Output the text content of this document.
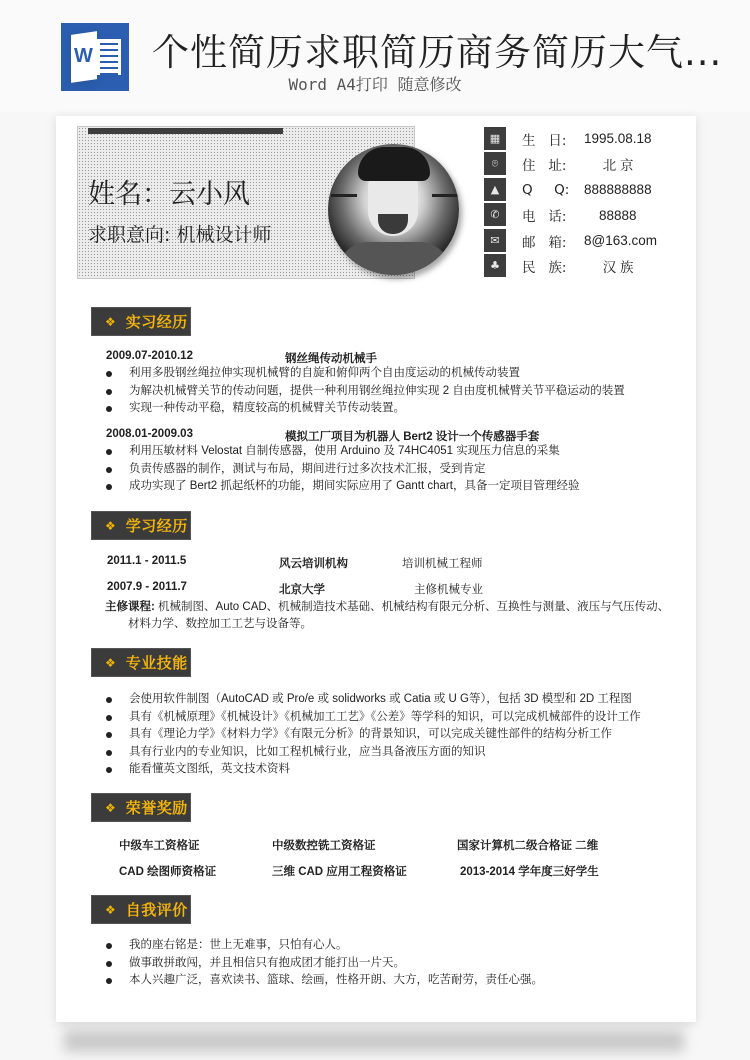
W 个性简历求职简历商务简历大气...
Word A4打印 随意修改
姓名：云小风
求职意向: 机械设计师
▦	生   日:	1995.08.18
⌾	住   址:	北 京
▲	Q     Q:	888888888
✆	电   话:	88888
✉	邮   箱:	8@163.com
♣	民   族:	汉 族
❖ 实习经历
2009.07-2010.12	钢丝绳传动机械手
利用多股钢丝绳拉伸实现机械臂的自旋和俯仰两个自由度运动的机械传动装置
为解决机械臂关节的传动问题，提供一种利用钢丝绳拉伸实现 2 自由度机械臂关节平稳运动的装置
实现一种传动平稳，精度较高的机械臂关节传动装置。
2008.01-2009.03	模拟工厂项目为机器人 Bert2 设计一个传感器手套
利用压敏材料 Velostat 自制传感器，使用 Arduino 及 74HC4051 实现压力信息的采集
负责传感器的制作，测试与布局，期间进行过多次技术汇报，受到肯定
成功实现了 Bert2 抓起纸杯的功能，期间实际应用了 Gantt chart，具备一定项目管理经验
❖ 学习经历
2011.1 - 2011.5	风云培训机构	培训机械工程师
2007.9 - 2011.7	北京大学	主修机械专业
主修课程: 机械制图、Auto CAD、机械制造技术基础、机械结构有限元分析、互换性与测量、液压与气压传动、
材料力学、数控加工工艺与设备等。
❖ 专业技能
会使用软件制图（AutoCAD 或 Pro/e 或 solidworks 或 Catia 或 U G等），包括 3D 模型和 2D 工程图
具有《机械原理》《机械设计》《机械加工工艺》《公差》等学科的知识，可以完成机械部件的设计工作
具有《理论力学》《材料力学》《有限元分析》的背景知识，可以完成关键性部件的结构分析工作
具有行业内的专业知识，比如工程机械行业，应当具备液压方面的知识
能看懂英文图纸，英文技术资料
❖ 荣誉奖励
中级车工资格证	中级数控铣工资格证	国家计算机二级合格证 二维
CAD 绘图师资格证	三维 CAD 应用工程资格证	2013-2014 学年度三好学生
❖ 自我评价
我的座右铭是：世上无难事，只怕有心人。
做事敢拼敢闯，并且相信只有抱成团才能打出一片天。
本人兴趣广泛，喜欢读书、篮球、绘画，性格开朗、大方，吃苦耐劳，责任心强。
